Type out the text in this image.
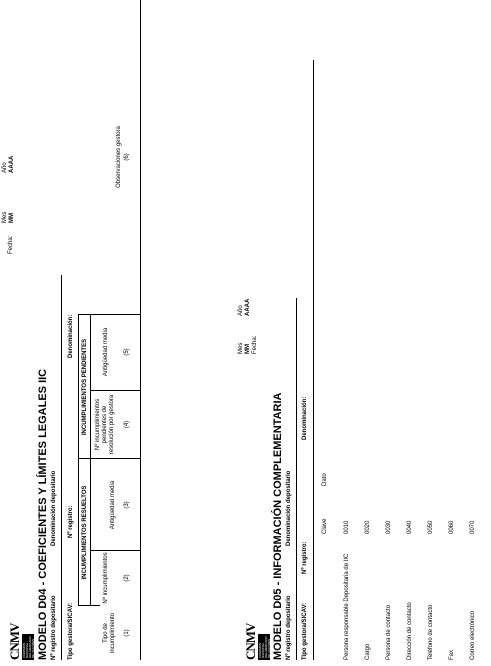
CNMV COMISIÓN NACIONAL DEL MERCADO DE VALORES
Fecha:
Mes MM
Año AAAA
MODELO D04 - COEFICIENTES Y LÍMITES LEGALES IIC Nº registro depositario
Denominación depositario
Tipo gestora/SICAV:
Nº registro:
Denominación:
INCUMPLIMIENTOS RESUELTOS
INCUMPLIMIENTOS PENDIENTES
Tipo de incumplimiento (1)
Nº incumplimientos	(2)
Antigüedad media (3)
Nº incumplimientos pendientes de resolución por gestora (4)
Antigüedad media	(5)
Observaciones gestora (6)
CNMV COMISIÓN NACIONAL DEL MERCADO DE VALORES
Fecha:
Mes MM
Año AAAA
MODELO D05 - INFORMACIÓN COMPLEMENTARIA Nº registro depositario
Denominación depositario
Tipo gestora/SICAV:
Nº registro:
Denominación:
Clave
Dato
Persona responsable Depositaria de IIC
0010
Cargo
0020
Persona de contacto
0030
Dirección de contacto
0040
Teléfono de contacto
0050
Fax
0060
Correo electrónico
0070
